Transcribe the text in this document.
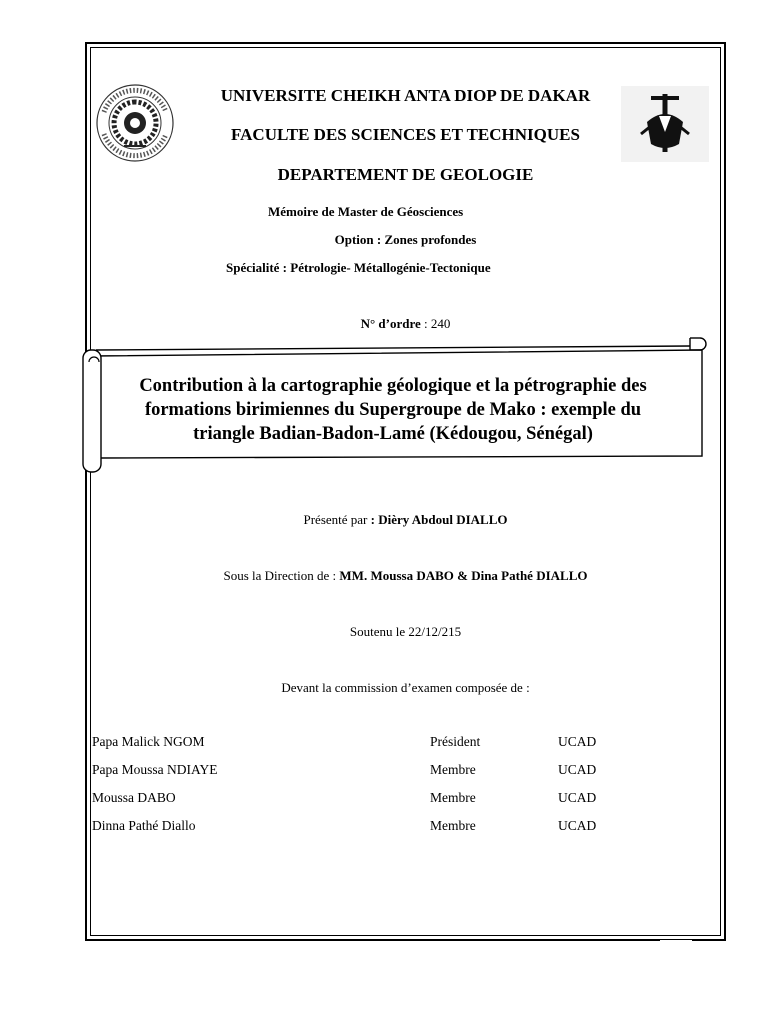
UNIVERSITE CHEIKH ANTA DIOP DE DAKAR
FACULTE DES SCIENCES ET TECHNIQUES
DEPARTEMENT DE GEOLOGIE
Mémoire de Master de Géosciences
Option : Zones profondes
Spécialité : Pétrologie- Métallogénie-Tectonique
N° d’ordre : 240
Contribution à la cartographie géologique et la pétrographie des
formations birimiennes du Supergroupe de Mako : exemple du
triangle Badian-Badon-Lamé (Kédougou, Sénégal)
Présenté par : Dièry Abdoul DIALLO
Sous la Direction de : MM. Moussa DABO & Dina Pathé DIALLO
Soutenu le 22/12/215
Devant la commission d’examen composée de :
Papa Malick NGOM	Président	UCAD
Papa Moussa NDIAYE	Membre	UCAD
Moussa DABO	Membre	UCAD
Dinna Pathé Diallo	Membre	UCAD
